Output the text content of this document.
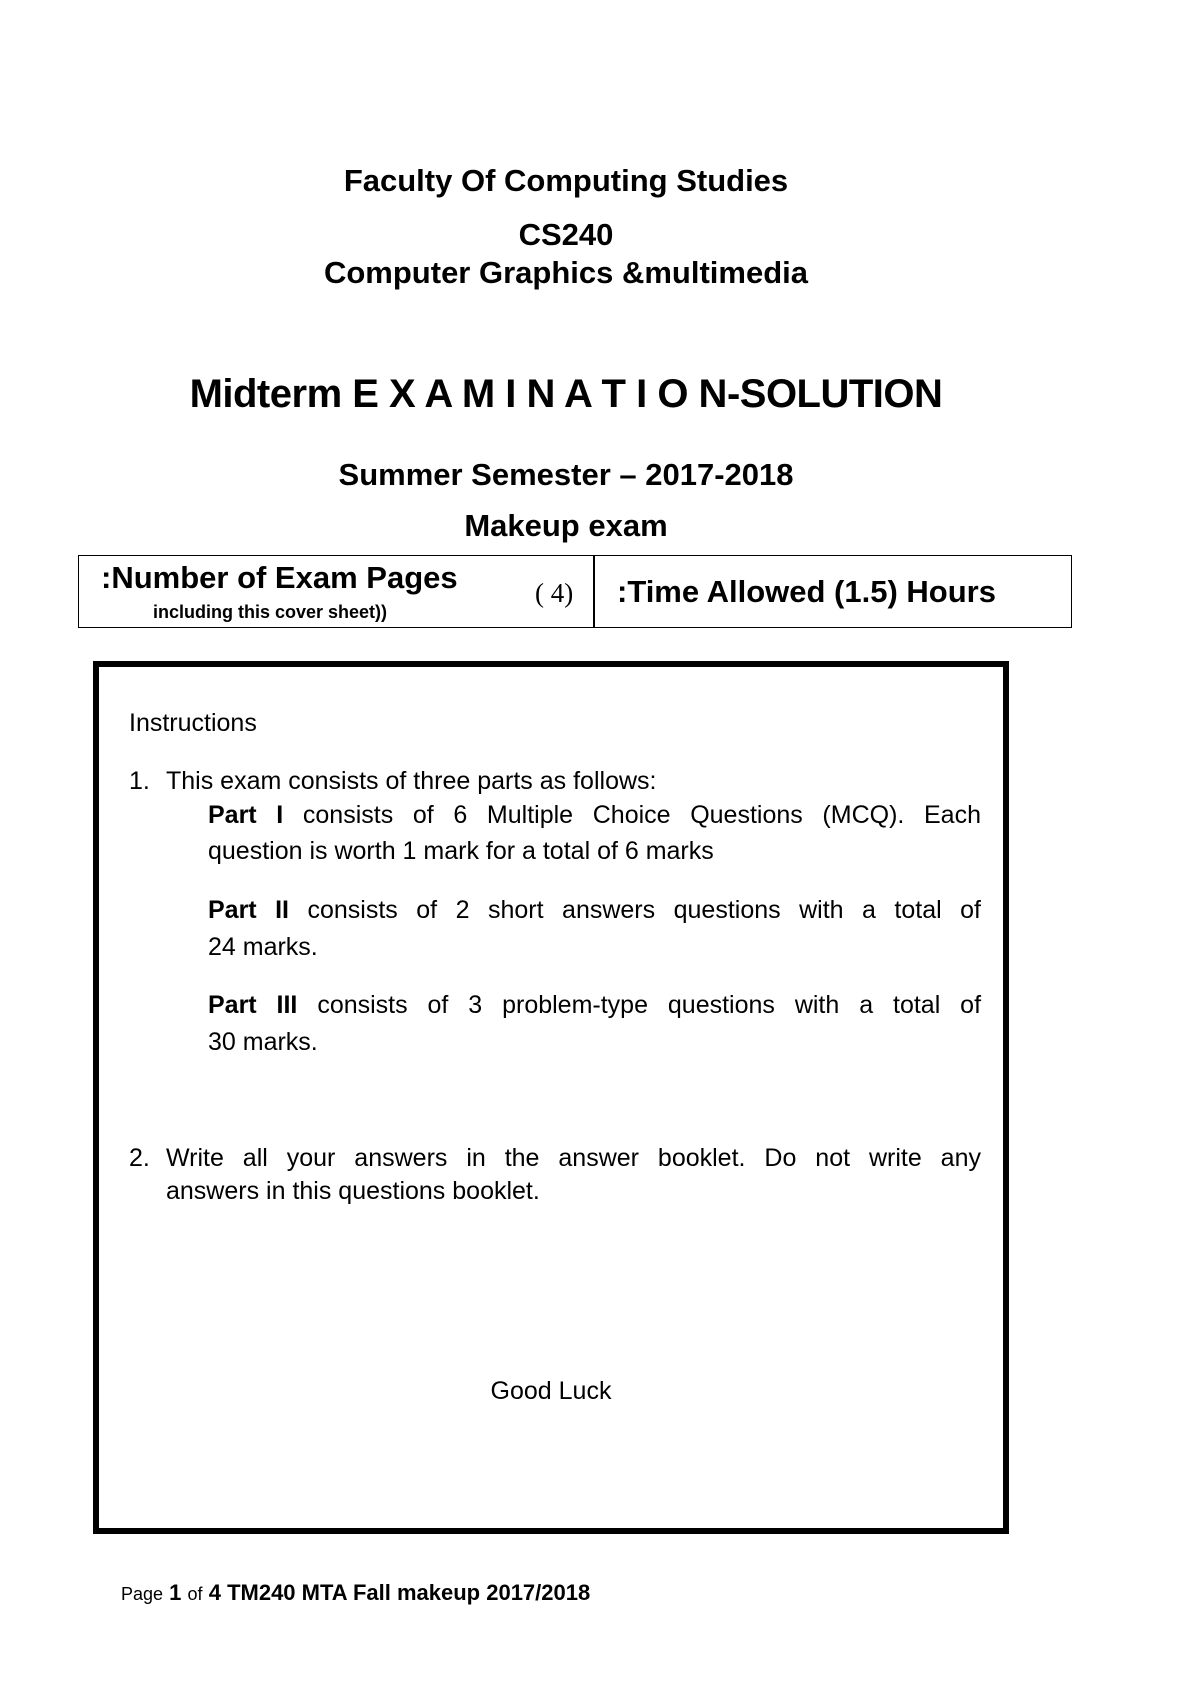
Faculty Of Computing Studies
CS240
Computer Graphics &multimedia
Midterm E X A M I N A T I O N-SOLUTION
Summer Semester – 2017-2018
Makeup exam
:Number of Exam Pages
including this cover sheet))
( 4) :Time Allowed (1.5) Hours
Instructions
1. This exam consists of three parts as follows:
Part I consists of 6 Multiple Choice Questions (MCQ). Each
question is worth 1 mark for a total of 6 marks
Part II consists of 2 short answers questions with a total of
24 marks.
Part III consists of 3 problem-type questions with a total of
30 marks.
2. Write all your answers in the answer booklet. Do not write any
answers in this questions booklet.
Good Luck
Page 1 of 4 TM240 MTA Fall makeup 2017/2018
